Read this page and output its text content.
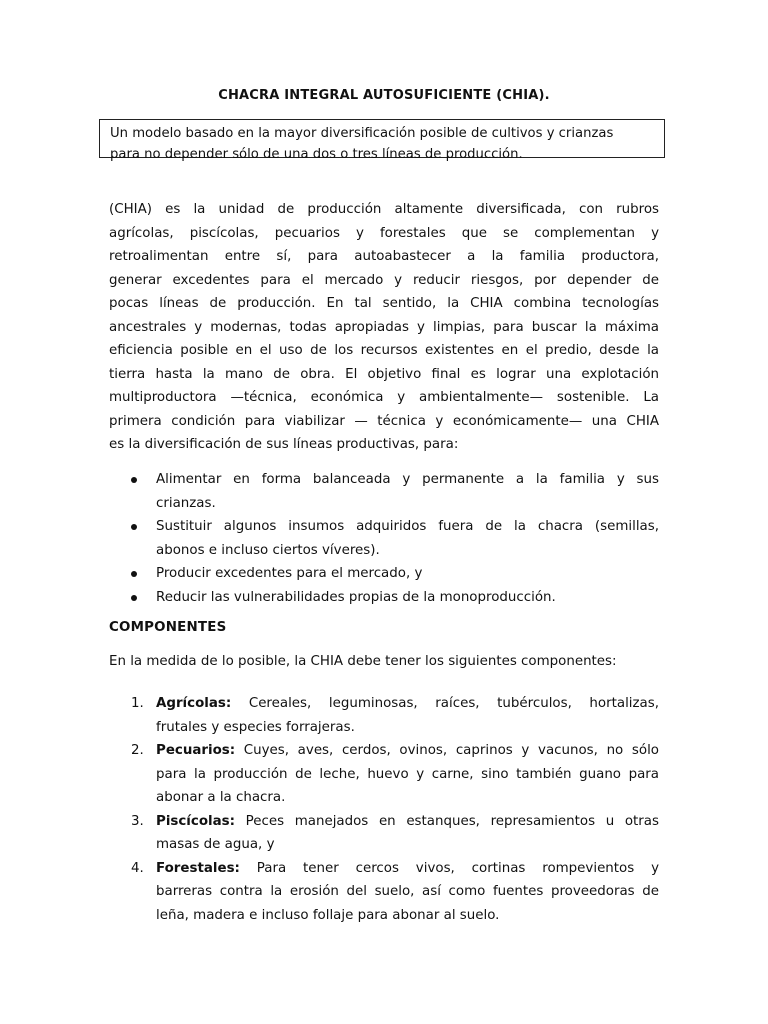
CHACRA INTEGRAL AUTOSUFICIENTE (CHIA).
Un modelo basado en la mayor diversificación posible de cultivos y crianzas
para no depender sólo de una dos o tres líneas de producción.
(CHIA) es la unidad de producción altamente diversificada, con rubros
agrícolas, piscícolas, pecuarios y forestales que se complementan y
retroalimentan entre sí, para autoabastecer a la familia productora,
generar excedentes para el mercado y reducir riesgos, por depender de
pocas líneas de producción. En tal sentido, la CHIA combina tecnologías
ancestrales y modernas, todas apropiadas y limpias, para buscar la máxima
eficiencia posible en el uso de los recursos existentes en el predio, desde la
tierra hasta la mano de obra. El objetivo final es lograr una explotación
multiproductora —técnica, económica y ambientalmente— sostenible. La
primera condición para viabilizar — técnica y económicamente— una CHIA
es la diversificación de sus líneas productivas, para:
Alimentar en forma balanceada y permanente a la familia y sus
crianzas.
Sustituir algunos insumos adquiridos fuera de la chacra (semillas,
abonos e incluso ciertos víveres).
Producir excedentes para el mercado, y
Reducir las vulnerabilidades propias de la monoproducción.
COMPONENTES
En la medida de lo posible, la CHIA debe tener los siguientes componentes:
1. Agrícolas: Cereales, leguminosas, raíces, tubérculos, hortalizas,
frutales y especies forrajeras.
2. Pecuarios: Cuyes, aves, cerdos, ovinos, caprinos y vacunos, no sólo
para la producción de leche, huevo y carne, sino también guano para
abonar a la chacra.
3. Piscícolas: Peces manejados en estanques, represamientos u otras
masas de agua, y
4. Forestales: Para tener cercos vivos, cortinas rompevientos y
barreras contra la erosión del suelo, así como fuentes proveedoras de
leña, madera e incluso follaje para abonar al suelo.
